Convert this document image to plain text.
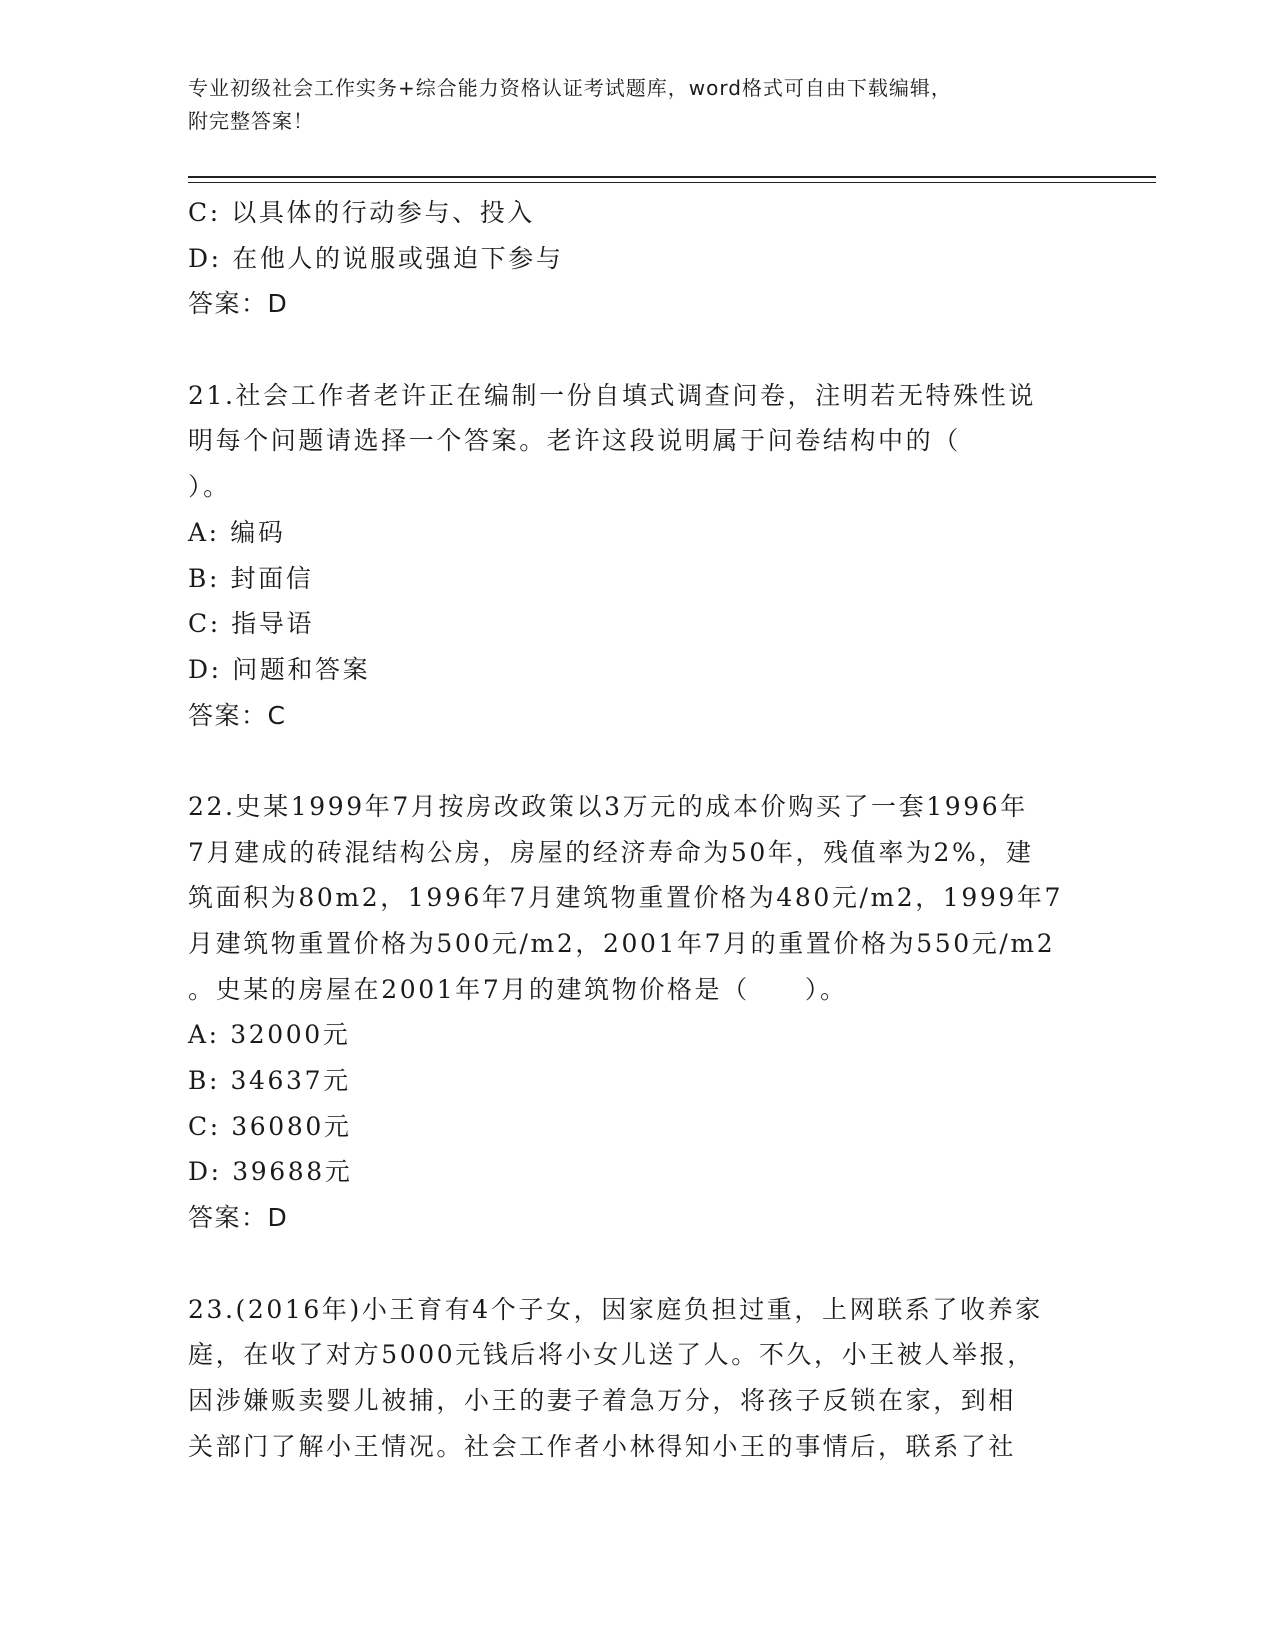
专业初级社会工作实务+综合能力资格认证考试题库，word格式可自由下载编辑，
附完整答案！
C: 以具体的行动参与、投入
D: 在他人的说服或强迫下参与
答案：D
21.社会工作者老许正在编制一份自填式调查问卷，注明若无特殊性说
明每个问题请选择一个答案。老许这段说明属于问卷结构中的（
）。
A: 编码
B: 封面信
C: 指导语
D: 问题和答案
答案：C
22.史某1999年7月按房改政策以3万元的成本价购买了一套1996年
7月建成的砖混结构公房，房屋的经济寿命为50年，残值率为2%，建
筑面积为80m2，1996年7月建筑物重置价格为480元/m2，1999年7
月建筑物重置价格为500元/m2，2001年7月的重置价格为550元/m2
。史某的房屋在2001年7月的建筑物价格是（　　）。
A: 32000元
B: 34637元
C: 36080元
D: 39688元
答案：D
23.(2016年)小王育有4个子女，因家庭负担过重，上网联系了收养家
庭，在收了对方5000元钱后将小女儿送了人。不久，小王被人举报，
因涉嫌贩卖婴儿被捕，小王的妻子着急万分，将孩子反锁在家，到相
关部门了解小王情况。社会工作者小林得知小王的事情后，联系了社
